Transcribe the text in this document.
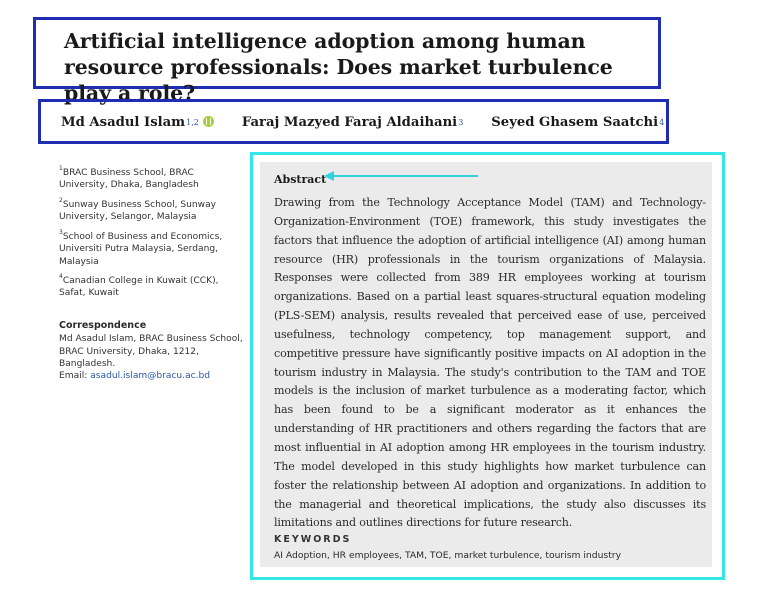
Artificial intelligence adoption among human resource professionals: Does market turbulence play a role?
Md Asadul Islam$^{1,2}$	Faraj Mazyed Faraj Aldaihani$^3$ Seyed Ghasem Saatchi$^4$
$^1$BRAC Business School, BRAC University, Dhaka, Bangladesh
$^2$Sunway Business School, Sunway University, Selangor, Malaysia
$^3$School of Business and Economics, Universiti Putra Malaysia, Serdang, Malaysia
$^4$Canadian College in Kuwait (CCK), Safat, Kuwait
Correspondence
Md Asadul Islam, BRAC Business School, BRAC University, Dhaka, 1212, Bangladesh.
Email: asadul.islam@bracu.ac.bd
Abstract
Drawing from the Technology Acceptance Model (TAM) and Technology-Organization-Environment (TOE) framework, this study investigates the factors that influence the adoption of artificial intelligence (AI) among human resource (HR) professionals in the tourism organizations of Malaysia. Responses were collected from 389 HR employees working at tourism organizations. Based on a partial least squares-structural equation modeling (PLS-SEM) analysis, results revealed that perceived ease of use, perceived usefulness, technology competency, top management support, and competitive pressure have significantly positive impacts on AI adoption in the tourism industry in Malaysia. The study's contribution to the TAM and TOE models is the inclusion of market turbulence as a moderating factor, which has been found to be a significant moderator as it enhances the understanding of HR practitioners and others regarding the factors that are most influential in AI adoption among HR employees in the tourism industry. The model developed in this study highlights how market turbulence can foster the relationship between AI adoption and organizations. In addition to the managerial and theoretical implications, the study also discusses its limitations and outlines directions for future research.
KEYWORDS
AI Adoption, HR employees, TAM, TOE, market turbulence, tourism industry
